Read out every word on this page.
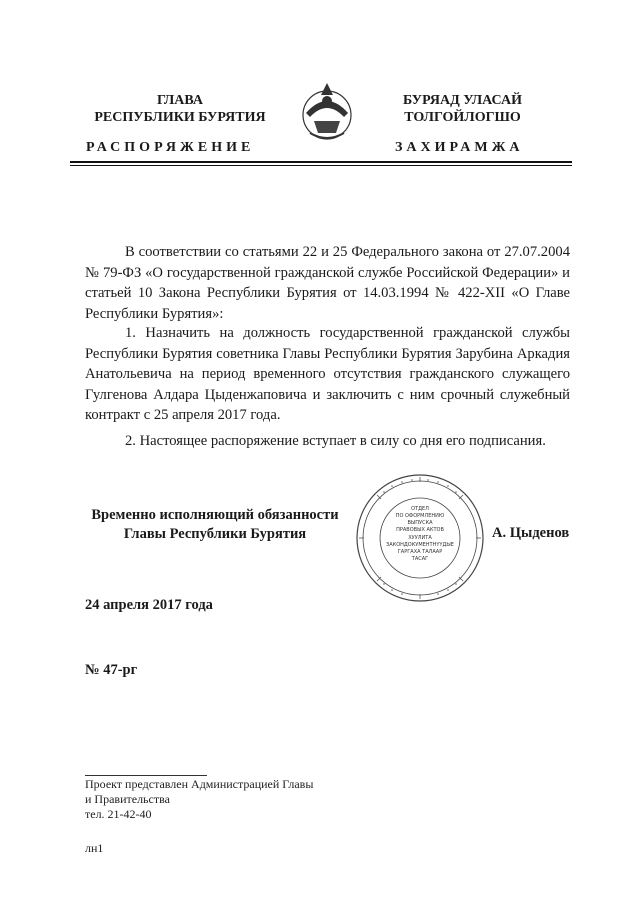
ГЛАВА
РЕСПУБЛИКИ БУРЯТИЯ
РАСПОРЯЖЕНИЕ
БУРЯАД УЛАСАЙ
ТОЛГОЙЛОГШО
ЗАХИРАМЖА

В соответствии со статьями 22 и 25 Федерального закона от 27.07.2004 № 79-ФЗ «О государственной гражданской службе Российской Федерации» и статьей 10 Закона Республики Бурятия от 14.03.1994 № 422-XII «О Главе Республики Бурятия»:

1. Назначить на должность государственной гражданской службы Республики Бурятия советника Главы Республики Бурятия Зарубина Аркадия Анатольевича на период временного отсутствия гражданского служащего Гулгенова Алдара Цыденжаповича и заключить с ним срочный служебный контракт с 25 апреля 2017 года.

2. Настоящее распоряжение вступает в силу со дня его подписания.

Временно исполняющий обязанности
Главы Республики Бурятия	А. Цыденов
ОТДЕЛ
ПО ОФОРМЛЕНИЮ
ВЫПУСКА
ПРАВОВЫХ АКТОВ
ХУУЛИТА
ЗАКОНДОКУМЕНТНҮҮДЫЕ
ГАРГАХА ТАЛААР
ТАСАГ
24 апреля 2017 года
№ 47-рг
Проект представлен Администрацией Главы
и Правительства
тел. 21-42-40
лн1
